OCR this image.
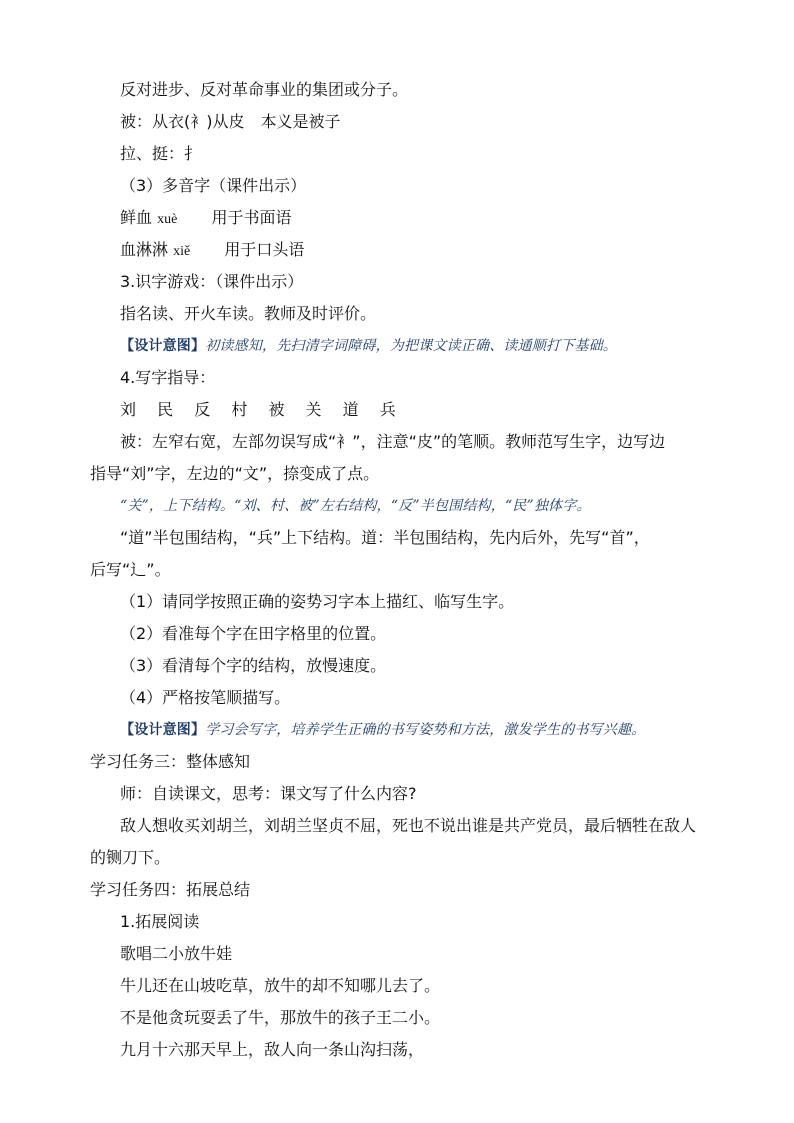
反对进步、反对革命事业的集团或分子。
被：从衣(衤)从皮　本义是被子
拉、挺：扌
（3）多音字（课件出示）
鲜血 xuè 用于书面语
血淋淋 xiě 用于口头语
3.识字游戏：（课件出示）
指名读、开火车读。教师及时评价。
【设计意图】初读感知，先扫清字词障碍，为把课文读正确、读通顺打下基础。
4.写字指导：
刘 民 反 村 被 关 道 兵
被：左窄右宽，左部勿误写成“衤”，注意“皮”的笔顺。教师范写生字，边写边
指导“刘”字，左边的“文”，捺变成了点。
“关”，上下结构。“刘、村、被”左右结构，“反”半包围结构，“民”独体字。
“道”半包围结构，“兵”上下结构。道：半包围结构，先内后外，先写“首”，
后写“辶”。
（1）请同学按照正确的姿势习字本上描红、临写生字。
（2）看准每个字在田字格里的位置。
（3）看清每个字的结构，放慢速度。
（4）严格按笔顺描写。
【设计意图】学习会写字，培养学生正确的书写姿势和方法，激发学生的书写兴趣。
学习任务三：整体感知
师：自读课文，思考：课文写了什么内容?
敌人想收买刘胡兰，刘胡兰坚贞不屈，死也不说出谁是共产党员，最后牺牲在敌人
的铡刀下。
学习任务四：拓展总结
1.拓展阅读
歌唱二小放牛娃
牛儿还在山坡吃草，放牛的却不知哪儿去了。
不是他贪玩耍丢了牛，那放牛的孩子王二小。
九月十六那天早上，敌人向一条山沟扫荡，
